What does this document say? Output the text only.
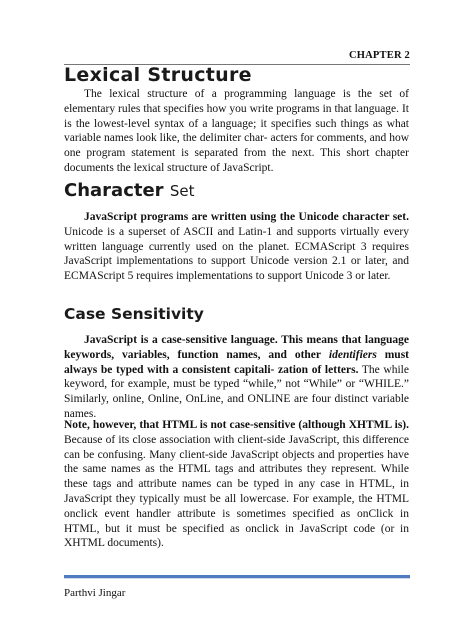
CHAPTER 2
Lexical Structure

The lexical structure of a programming language is the set of elementary rules that specifies how you write programs in that language. It is the lowest-level syntax of a language; it specifies such things as what variable names look like, the delimiter char- acters for comments, and how one program statement is separated from the next. This short chapter documents the lexical structure of JavaScript.

Character Set

JavaScript programs are written using the Unicode character set. Unicode is a superset of ASCII and Latin-1 and supports virtually every written language currently used on the planet. ECMAScript 3 requires JavaScript implementations to support Unicode version 2.1 or later, and ECMAScript 5 requires implementations to support Unicode 3 or later.

Case Sensitivity

JavaScript is a case-sensitive language. This means that language keywords, variables, function names, and other identifiers must always be typed with a consistent capitali- zation of letters. The while keyword, for example, must be typed “while,” not “While” or “WHILE.” Similarly, online, Online, OnLine, and ONLINE are four distinct variable names.

Note, however, that HTML is not case-sensitive (although XHTML is). Because of its close association with client-side JavaScript, this difference can be confusing. Many client-side JavaScript objects and properties have the same names as the HTML tags and attributes they represent. While these tags and attribute names can be typed in any case in HTML, in JavaScript they typically must be all lowercase. For example, the HTML onclick event handler attribute is sometimes specified as onClick in HTML, but it must be specified as onclick in JavaScript code (or in XHTML documents).

Parthvi Jingar
